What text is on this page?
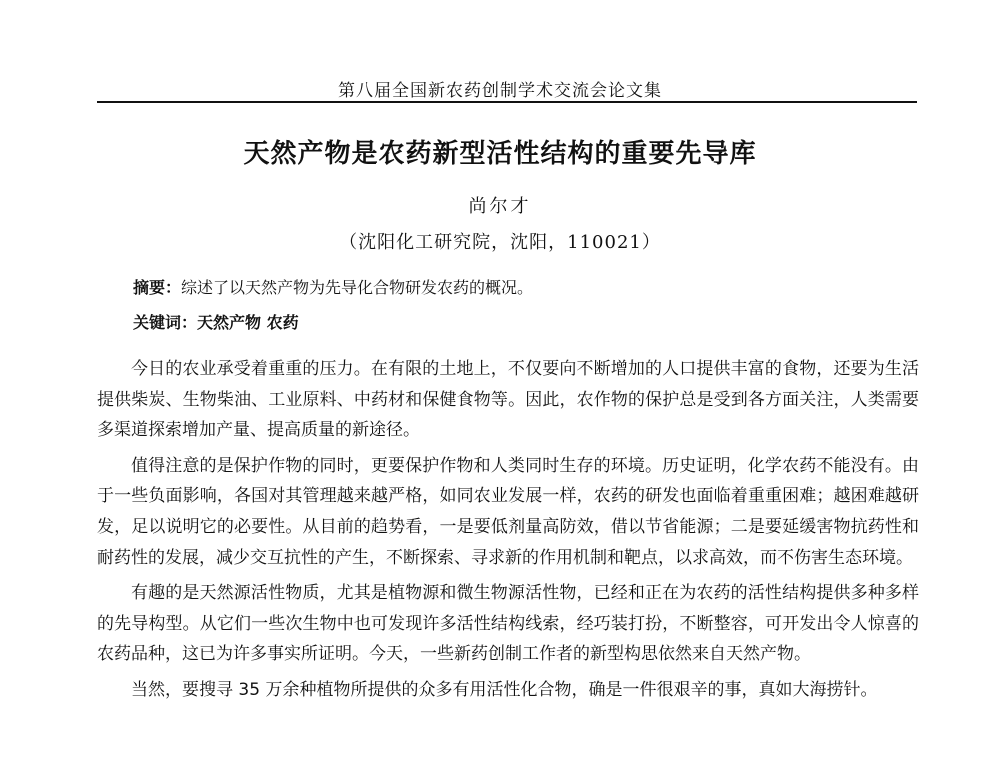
第八届全国新农药创制学术交流会论文集
天然产物是农药新型活性结构的重要先导库
尚尔才
（沈阳化工研究院，沈阳，110021）
摘要：综述了以天然产物为先导化合物研发农药的概况。
关键词：天然产物 农药

今日的农业承受着重重的压力。在有限的土地上，不仅要向不断增加的人口提供丰富的食物，还要为生活提供柴炭、生物柴油、工业原料、中药材和保健食物等。因此，农作物的保护总是受到各方面关注，人类需要多渠道探索增加产量、提高质量的新途径。

值得注意的是保护作物的同时，更要保护作物和人类同时生存的环境。历史证明，化学农药不能没有。由于一些负面影响，各国对其管理越来越严格，如同农业发展一样，农药的研发也面临着重重困难；越困难越研发，足以说明它的必要性。从目前的趋势看，一是要低剂量高防效，借以节省能源；二是要延缓害物抗药性和耐药性的发展，减少交互抗性的产生，不断探索、寻求新的作用机制和靶点，以求高效，而不伤害生态环境。

有趣的是天然源活性物质，尤其是植物源和微生物源活性物，已经和正在为农药的活性结构提供多种多样的先导构型。从它们一些次生物中也可发现许多活性结构线索，经巧装打扮，不断整容，可开发出令人惊喜的农药品种，这已为许多事实所证明。今天，一些新药创制工作者的新型构思依然来自天然产物。

当然，要搜寻 35 万余种植物所提供的众多有用活性化合物，确是一件很艰辛的事，真如大海捞针。
